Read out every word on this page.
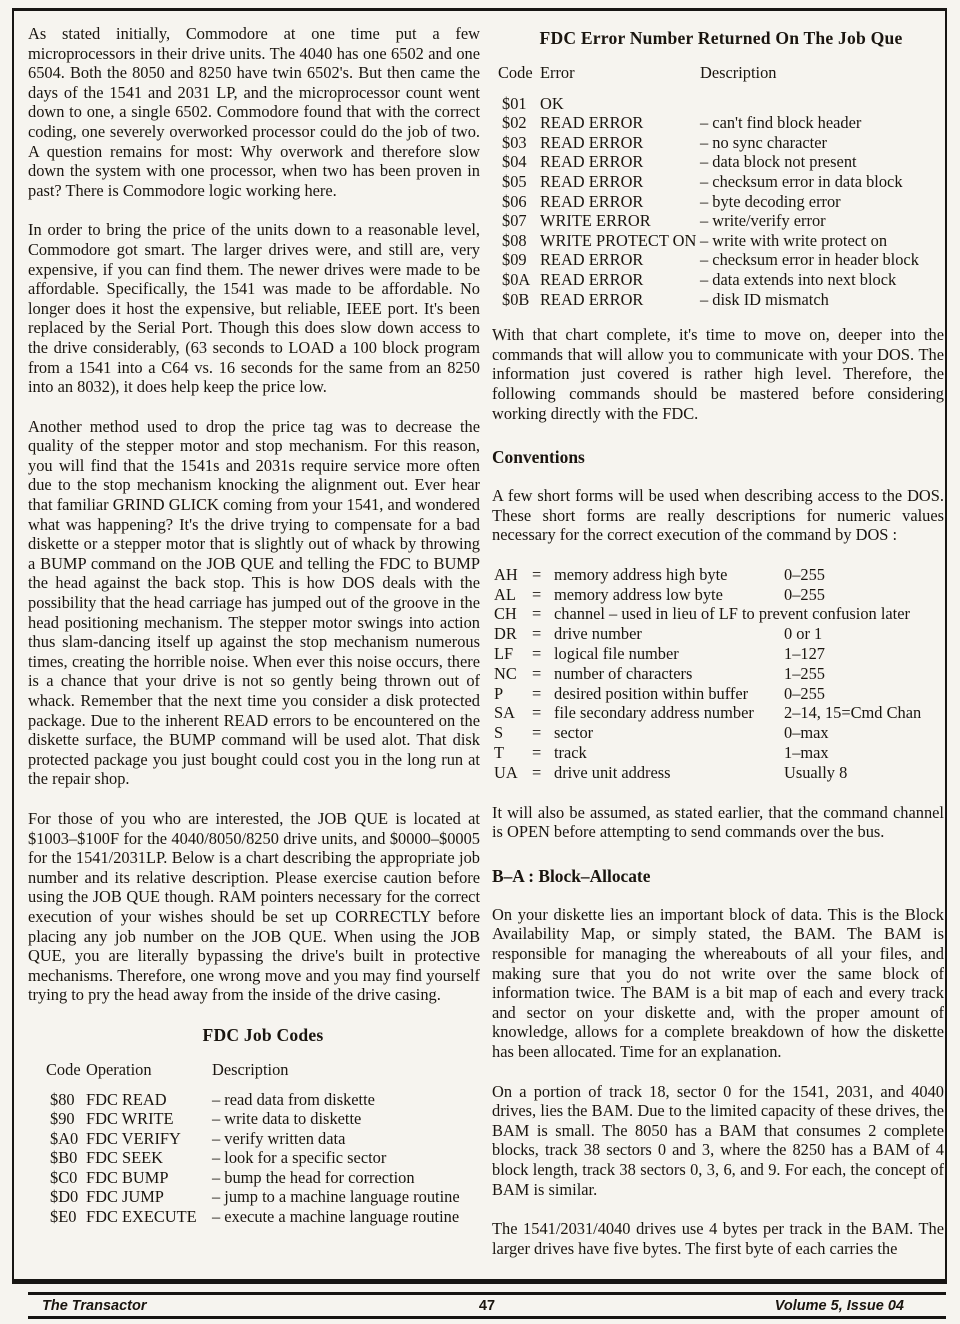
As stated initially, Commodore at one time put a few microprocessors in their drive units. The 4040 has one 6502 and one 6504. Both the 8050 and 8250 have twin 6502's. But then came the days of the 1541 and 2031 LP, and the microprocessor count went down to one, a single 6502. Commodore found that with the correct coding, one severely overworked processor could do the job of two. A question remains for most: Why overwork and therefore slow down the system with one processor, when two has been proven in past? There is Commodore logic working here.

In order to bring the price of the units down to a reasonable level, Commodore got smart. The larger drives were, and still are, very expensive, if you can find them. The newer drives were made to be affordable. Specifically, the 1541 was made to be affordable. No longer does it host the expensive, but reliable, IEEE port. It's been replaced by the Serial Port. Though this does slow down access to the drive considerably, (63 seconds to LOAD a 100 block program from a 1541 into a C64 vs. 16 seconds for the same from an 8250 into an 8032), it does help keep the price low.

Another method used to drop the price tag was to decrease the quality of the stepper motor and stop mechanism. For this reason, you will find that the 1541s and 2031s require service more often due to the stop mechanism knocking the alignment out. Ever hear that familiar GRIND GLICK coming from your 1541, and wondered what was happening? It's the drive trying to compensate for a bad diskette or a stepper motor that is slightly out of whack by throwing a BUMP command on the JOB QUE and telling the FDC to BUMP the head against the back stop. This is how DOS deals with the possibility that the head carriage has jumped out of the groove in the head positioning mechanism. The stepper motor swings into action thus slam-dancing itself up against the stop mechanism numerous times, creating the horrible noise. When ever this noise occurs, there is a chance that your drive is not so gently being thrown out of whack. Remember that the next time you consider a disk protected package. Due to the inherent READ errors to be encountered on the diskette surface, the BUMP command will be used alot. That disk protected package you just bought could cost you in the long run at the repair shop.

For those of you who are interested, the JOB QUE is located at $1003–$100F for the 4040/8050/8250 drive units, and $0000–$0005 for the 1541/2031LP. Below is a chart describing the appropriate job number and its relative description. Please exercise caution before using the JOB QUE though. RAM pointers necessary for the correct execution of your wishes should be set up CORRECTLY before placing any job number on the JOB QUE. When using the JOB QUE, you are literally bypassing the drive's built in protective mechanisms. Therefore, one wrong move and you may find yourself trying to pry the head away from the inside of the drive casing.

FDC Job Codes
Code Operation	Description
$80 FDC READ	– read data from diskette
$90 FDC WRITE	– write data to diskette
$A0 FDC VERIFY	– verify written data
$B0 FDC SEEK	– look for a specific sector
$C0 FDC BUMP	– bump the head for correction
$D0 FDC JUMP	– jump to a machine language routine
$E0 FDC EXECUTE – execute a machine language routine
FDC Error Number Returned On The Job Que
Code Error	Description
$01 OK
$02 READ ERROR	– can't find block header
$03 READ ERROR	– no sync character
$04 READ ERROR	– data block not present
$05 READ ERROR	– checksum error in data block
$06 READ ERROR	– byte decoding error
$07 WRITE ERROR	– write/verify error
$08 WRITE PROTECT ON – write with write protect on
$09 READ ERROR	– checksum error in header block
$0A READ ERROR	– data extends into next block
$0B READ ERROR	– disk ID mismatch

With that chart complete, it's time to move on, deeper into the commands that will allow you to communicate with your DOS. The information just covered is rather high level. Therefore, the following commands should be mastered before considering working directly with the FDC.

Conventions

A few short forms will be used when describing access to the DOS. These short forms are really descriptions for numeric values necessary for the correct execution of the command by DOS :

AH = memory address high byte	0–255
AL = memory address low byte	0–255
CH = channel – used in lieu of LF to prevent confusion later
DR = drive number	0 or 1
LF	= logical file number	1–127
NC = number of characters	1–255
P	= desired position within buffer	0–255
SA	= file secondary address number	2–14, 15=Cmd Chan
S	= sector	0–max
T	= track	1–max
UA = drive unit address	Usually 8

It will also be assumed, as stated earlier, that the command channel is OPEN before attempting to send commands over the bus.

B–A : Block–Allocate

On your diskette lies an important block of data. This is the Block Availability Map, or simply stated, the BAM. The BAM is responsible for managing the whereabouts of all your files, and making sure that you do not write over the same block of information twice. The BAM is a bit map of each and every track and sector on your diskette and, with the proper amount of knowledge, allows for a complete breakdown of how the diskette has been allocated. Time for an explanation.

On a portion of track 18, sector 0 for the 1541, 2031, and 4040 drives, lies the BAM. Due to the limited capacity of these drives, the BAM is small. The 8050 has a BAM that consumes 2 complete blocks, track 38 sectors 0 and 3, where the 8250 has a BAM of 4 block length, track 38 sectors 0, 3, 6, and 9. For each, the concept of BAM is similar.

The 1541/2031/4040 drives use 4 bytes per track in the BAM. The larger drives have five bytes. The first byte of each carries the

47
The Transactor	Volume 5, Issue 04
